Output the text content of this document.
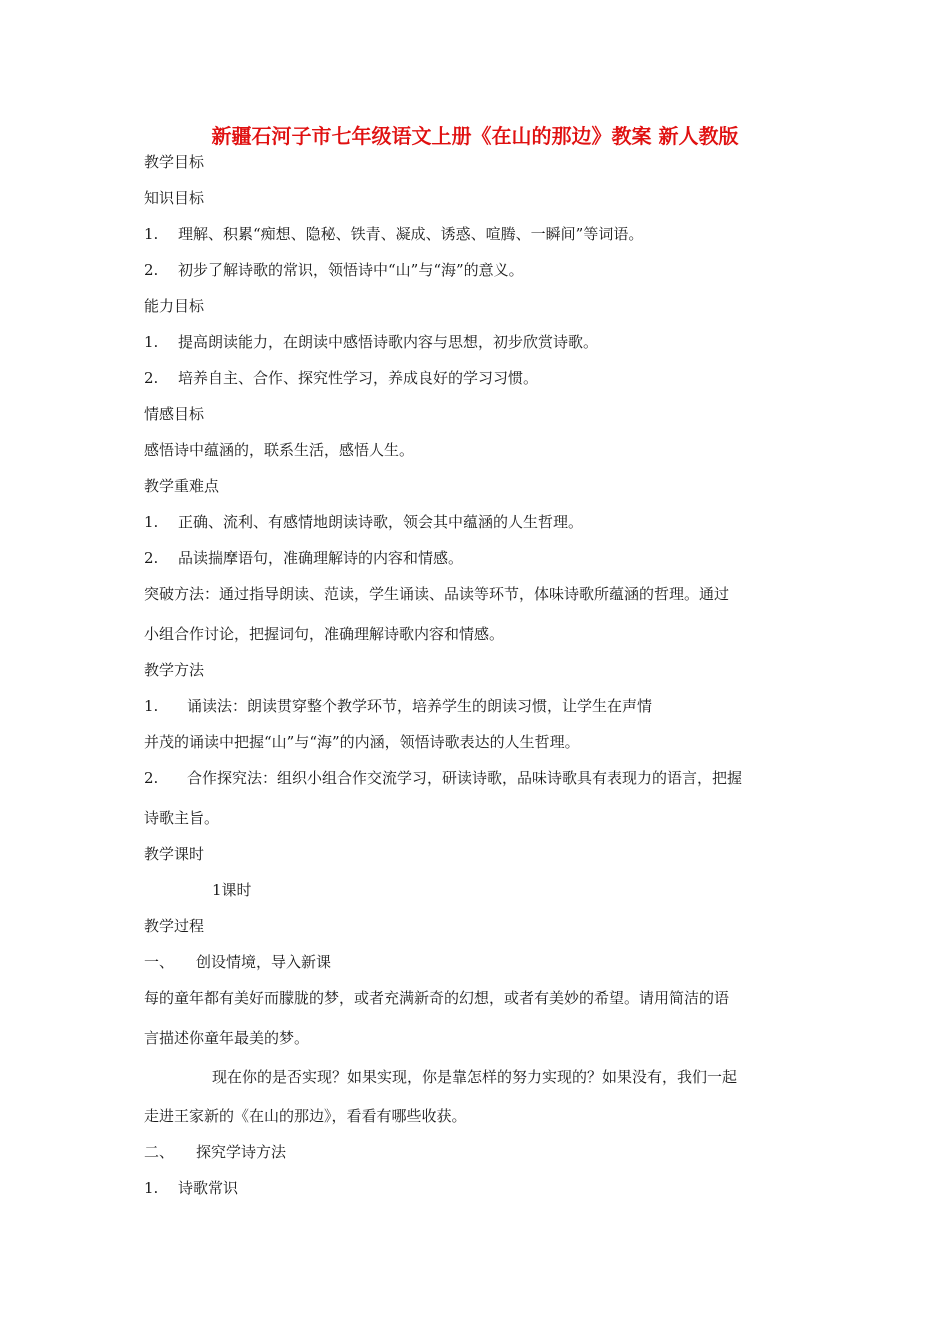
新疆石河子市七年级语文上册《在山的那边》教案 新人教版

教学目标

知识目标

1. 理解、积累“痴想、隐秘、铁青、凝成、诱惑、喧腾、一瞬间”等词语。

2. 初步了解诗歌的常识，领悟诗中“山”与“海”的意义。

能力目标

1. 提高朗读能力，在朗读中感悟诗歌内容与思想，初步欣赏诗歌。

2. 培养自主、合作、探究性学习，养成良好的学习习惯。

情感目标

感悟诗中蕴涵的，联系生活，感悟人生。

教学重难点

1. 正确、流利、有感情地朗读诗歌，领会其中蕴涵的人生哲理。

2. 品读揣摩语句，准确理解诗的内容和情感。

突破方法：通过指导朗读、范读，学生诵读、品读等环节，体味诗歌所蕴涵的哲理。通过

小组合作讨论，把握词句，准确理解诗歌内容和情感。

教学方法

1. 诵读法：朗读贯穿整个教学环节，培养学生的朗读习惯，让学生在声情

并茂的诵读中把握“山”与“海”的内涵，领悟诗歌表达的人生哲理。

2. 合作探究法：组织小组合作交流学习，研读诗歌，品味诗歌具有表现力的语言，把握

诗歌主旨。

教学课时

1课时

教学过程

一、 创设情境，导入新课

每的童年都有美好而朦胧的梦，或者充满新奇的幻想，或者有美妙的希望。请用简洁的语

言描述你童年最美的梦。

现在你的是否实现？如果实现，你是靠怎样的努力实现的？如果没有，我们一起

走进王家新的《在山的那边》，看看有哪些收获。

二、 探究学诗方法

1. 诗歌常识
